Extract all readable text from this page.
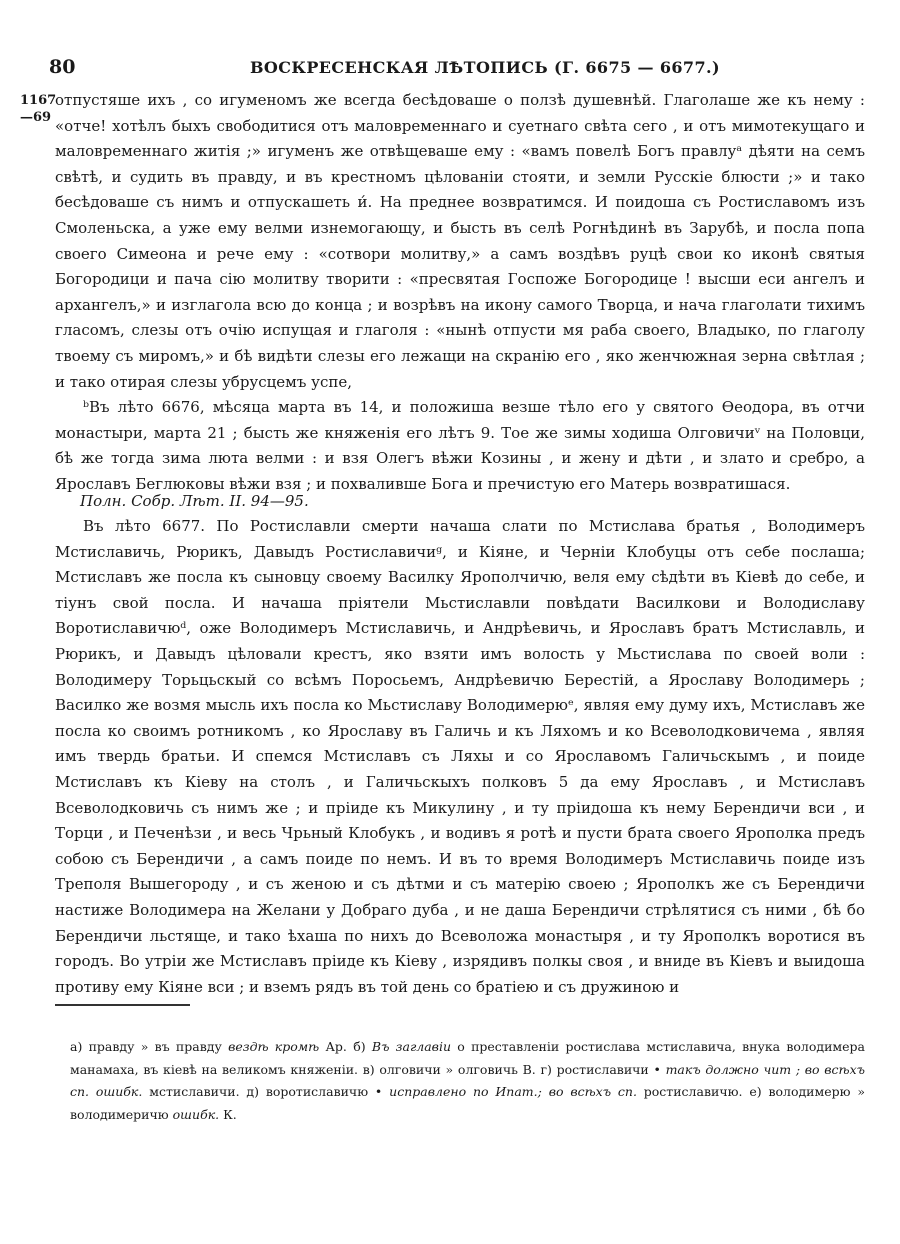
80	ВОСКРЕСЕНСКАЯ ЛѢТОПИСЬ (Г. 6675 — 6677.)
1167
—69

отпустяше ихъ , со игуменомъ же всегда бесѣдоваше о ползѣ душевнѣй. Глаголаше же къ нему : «отче! хотѣлъ быхъ свободитися отъ маловременнаго и суетнаго свѣта сего , и отъ мимотекущаго и маловременнаго житія ;» игуменъ же отвѣщеваше ему : «вамъ повелѣ Богъ правлуᵃ дѣяти на семъ свѣтѣ, и судить въ правду, и въ крестномъ цѣлованіи стояти, и земли Русскіе блюсти ;» и тако бесѣдоваше съ нимъ и отпускашеть и́. На преднее возвратимся. И поидоша съ Ростиславомъ изъ Смоленьска, а уже ему велми изнемогающу, и бысть въ селѣ Рогнѣдинѣ въ Зарубѣ, и посла попа своего Симеона и рече ему : «сотвори молитву,» а самъ воздѣвъ руцѣ свои ко иконѣ святыя Богородици и пача сію молитву творити : «пресвятая Госпоже Богородице ! высши еси ангелъ и архангелъ,» и изглагола всю до конца ; и возрѣвъ на икону самого Творца, и нача глаголати тихимъ гласомъ, слезы отъ очію испущая и глаголя : «нынѣ отпусти мя раба своего, Владыко, по глаголу твоему съ миромъ,» и бѣ видѣти слезы его лежащи на скранію его , яко женчюжная зерна свѣтлая ; и тако отирая слезы убрусцемъ успе,

ᵇВъ лѣто 6676, мѣсяца марта въ 14, и положиша везше тѣло его у святого Ѳеодора, въ отчи монастыри, марта 21 ; бысть же княженія его лѣтъ 9. Тое же зимы ходиша Олговичиᵛ на Половци, бѣ же тогда зима люта велми : и взя Олегъ вѣжи Козины , и жену и дѣти , и злато и сребро, а Ярославъ Беглюковы вѣжи взя ; и похваливше Бога и пречистую его Матерь возвратишася.

Полн. Собр. Лѣт. II. 94—95.

Въ лѣто 6677. По Ростиславли смерти начаша слати по Мстислава братья , Володимеръ Мстиславичь, Рюрикъ, Давыдъ Ростиславичиᵍ, и Кіяне, и Черніи Клобуцы отъ себе послаша; Мстиславъ же посла къ сыновцу своему Василку Ярополчичю, веля ему сѣдѣти въ Кіевѣ до себе, и тіунъ свой посла. И начаша пріятели Мьстиславли повѣдати Василкови и Володиславу Воротиславичюᵈ, оже Володимеръ Мстиславичь, и Андрѣевичь, и Ярославъ братъ Мстиславль, и Рюрикъ, и Давыдъ цѣловали крестъ, яко взяти имъ волость у Мьстислава по своей воли : Володимеру Торьцьскый со всѣмъ Поросьемъ, Андрѣевичю Берестій, а Ярославу Володимерь ; Василко же возмя мысль ихъ посла ко Мьстиславу Володимерюᵉ, являя ему думу ихъ, Мстиславъ же посла ко своимъ ротникомъ , ко Ярославу въ Галичь и къ Ляхомъ и ко Всеволодковичема , являя имъ твердь братьи. И спемся Мстиславъ съ Ляхы и со Ярославомъ Галичьскымъ , и поиде Мстиславъ къ Кіеву на столъ , и Галичьскыхъ полковъ 5 да ему Ярославъ , и Мстиславъ Всеволодковичь съ нимъ же ; и пріиде къ Микулину , и ту пріидоша къ нему Берендичи вси , и Торци , и Печенѣзи , и весь Чрьный Клобукъ , и водивъ я ротѣ и пусти брата своего Ярополка предъ собою съ Берендичи , а самъ поиде по немъ. И въ то время Володимеръ Мстиславичь поиде изъ Треполя Вышегороду , и съ женою и съ дѣтми и съ матерію своею ; Ярополкъ же съ Берендичи настиже Володимера на Желани у Добраго дуба , и не даша Берендичи стрѣлятися съ ними , бѣ бо Берендичи льстяще, и тако ѣхаша по нихъ до Всеволожа монастыря , и ту Ярополкъ воротися въ городъ. Во утріи же Мстиславъ пріиде къ Кіеву , изрядивъ полкы своя , и вниде въ Кіевъ и выидоша противу ему Кіяне вси ; и вземъ рядъ въ той день со братіею и съ дружиною и

а) правду » въ правду вездѣ кромѣ Ар. б) Въ заглавіи о преставленіи ростислава мстиславича, внука володимера манамаха, въ кіевѣ на великомъ княженіи. в) олговичи » олговичь В. г) ростиславичи • такъ должно чит ; во всѣхъ сп. ошибк. мстиславичи. д) воротиславичю • исправлено по Ипат.; во всѣхъ сп. ростиславичю. е) володимерю » володимеричю ошибк. К.
